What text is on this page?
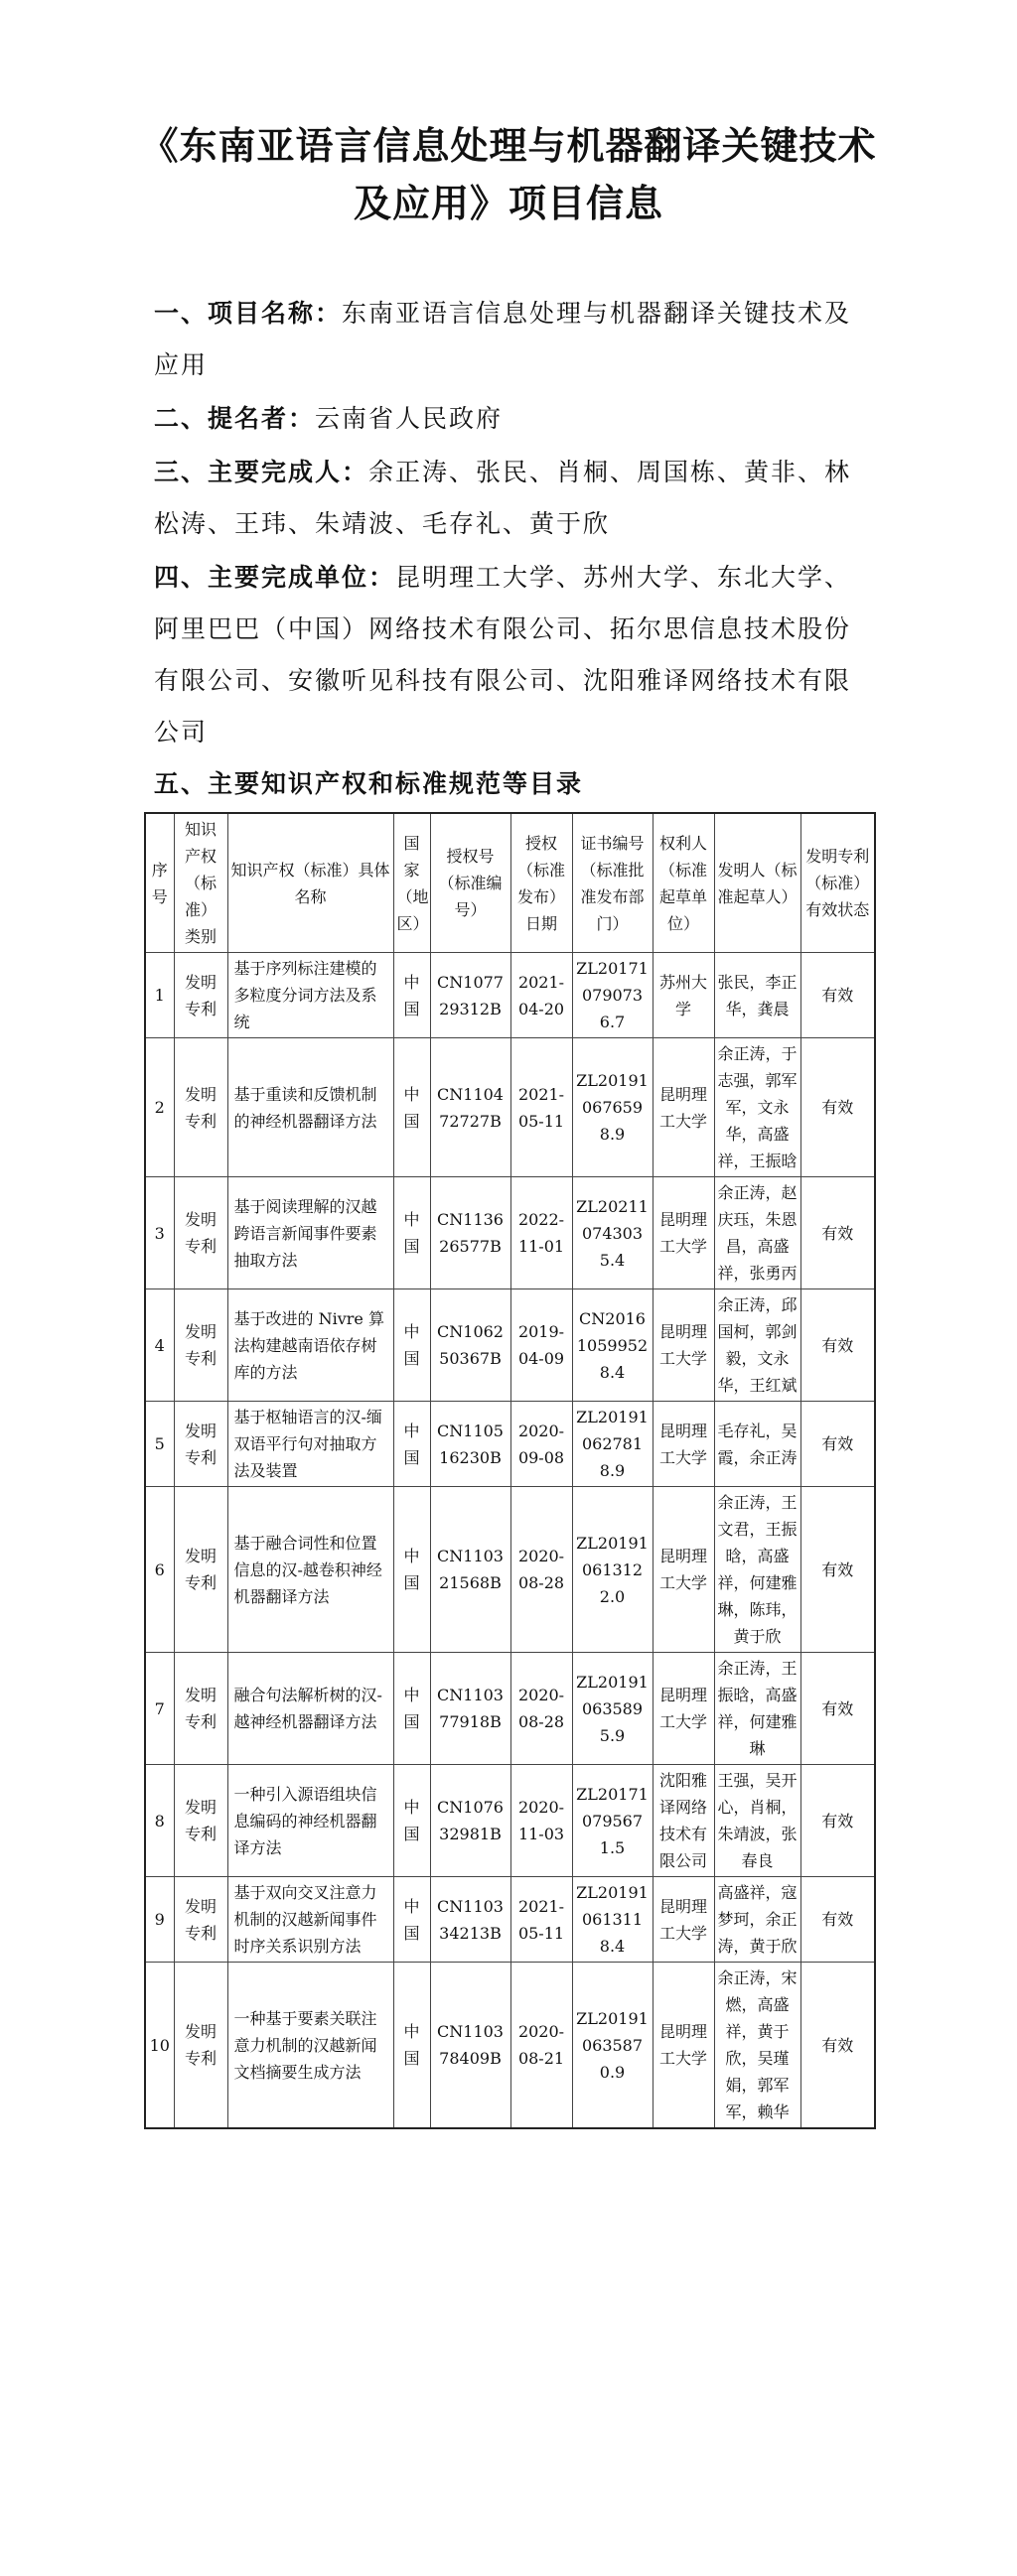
《东南亚语言信息处理与机器翻译关键技术及应用》项目信息

一、项目名称：东南亚语言信息处理与机器翻译关键技术及应用

二、提名者：云南省人民政府

三、主要完成人：余正涛、张民、肖桐、周国栋、黄非、林松涛、王玮、朱靖波、毛存礼、黄于欣

四、主要完成单位：昆明理工大学、苏州大学、东北大学、阿里巴巴（中国）网络技术有限公司、拓尔思信息技术股份有限公司、安徽听见科技有限公司、沈阳雅译网络技术有限公司

五、主要知识产权和标准规范等目录
序号	知识产权（标准）类别	知识产权（标准）具体名称	国家（地区）	授权号（标准编号）	授权（标准发布）日期	证书编号（标准批准发布部门）	权利人（标准起草单位）	发明人（标准起草人）	发明专利（标准）有效状态
1	发明专利	基于序列标注建模的多粒度分词方法及系统	中国	CN107729312B	2021-04-20	ZL201710790736.7	苏州大学	张民，李正华，龚晨	有效
2	发明专利	基于重读和反馈机制的神经机器翻译方法	中国	CN110472727B	2021-05-11	ZL201910676598.9	昆明理工大学	余正涛，于志强，郭军军，文永华，高盛祥，王振晗	有效
3	发明专利	基于阅读理解的汉越跨语言新闻事件要素抽取方法	中国	CN113626577B	2022-11-01	ZL202110743035.4	昆明理工大学	余正涛，赵庆珏，朱恩昌，高盛祥，张勇丙	有效
4	发明专利	基于改进的 Nivre 算法构建越南语依存树库的方法	中国	CN106250367B	2019-04-09	CN201610599528.4	昆明理工大学	余正涛，邱国柯，郭剑毅，文永华，王红斌	有效
5	发明专利	基于枢轴语言的汉-缅双语平行句对抽取方法及装置	中国	CN110516230B	2020-09-08	ZL201910627818.9	昆明理工大学	毛存礼，吴霞，余正涛	有效
6	发明专利	基于融合词性和位置信息的汉-越卷积神经机器翻译方法	中国	CN110321568B	2020-08-28	ZL201910613122.0	昆明理工大学	余正涛，王文君，王振晗，高盛祥，何建雅琳，陈玮，黄于欣	有效
7	发明专利	融合句法解析树的汉-越神经机器翻译方法	中国	CN110377918B	2020-08-28	ZL201910635895.9	昆明理工大学	余正涛，王振晗，高盛祥，何建雅琳	有效
8	发明专利	一种引入源语组块信息编码的神经机器翻译方法	中国	CN107632981B	2020-11-03	ZL201710795671.5	沈阳雅译网络技术有限公司	王强，吴开心，肖桐，朱靖波，张春良	有效
9	发明专利	基于双向交叉注意力机制的汉越新闻事件时序关系识别方法	中国	CN110334213B	2021-05-11	ZL201910613118.4	昆明理工大学	高盛祥，寇梦珂，余正涛，黄于欣	有效
10	发明专利	一种基于要素关联注意力机制的汉越新闻文档摘要生成方法	中国	CN110378409B	2020-08-21	ZL201910635870.9	昆明理工大学	余正涛，宋燃，高盛祥，黄于欣，吴瑾娟，郭军军，赖华	有效
